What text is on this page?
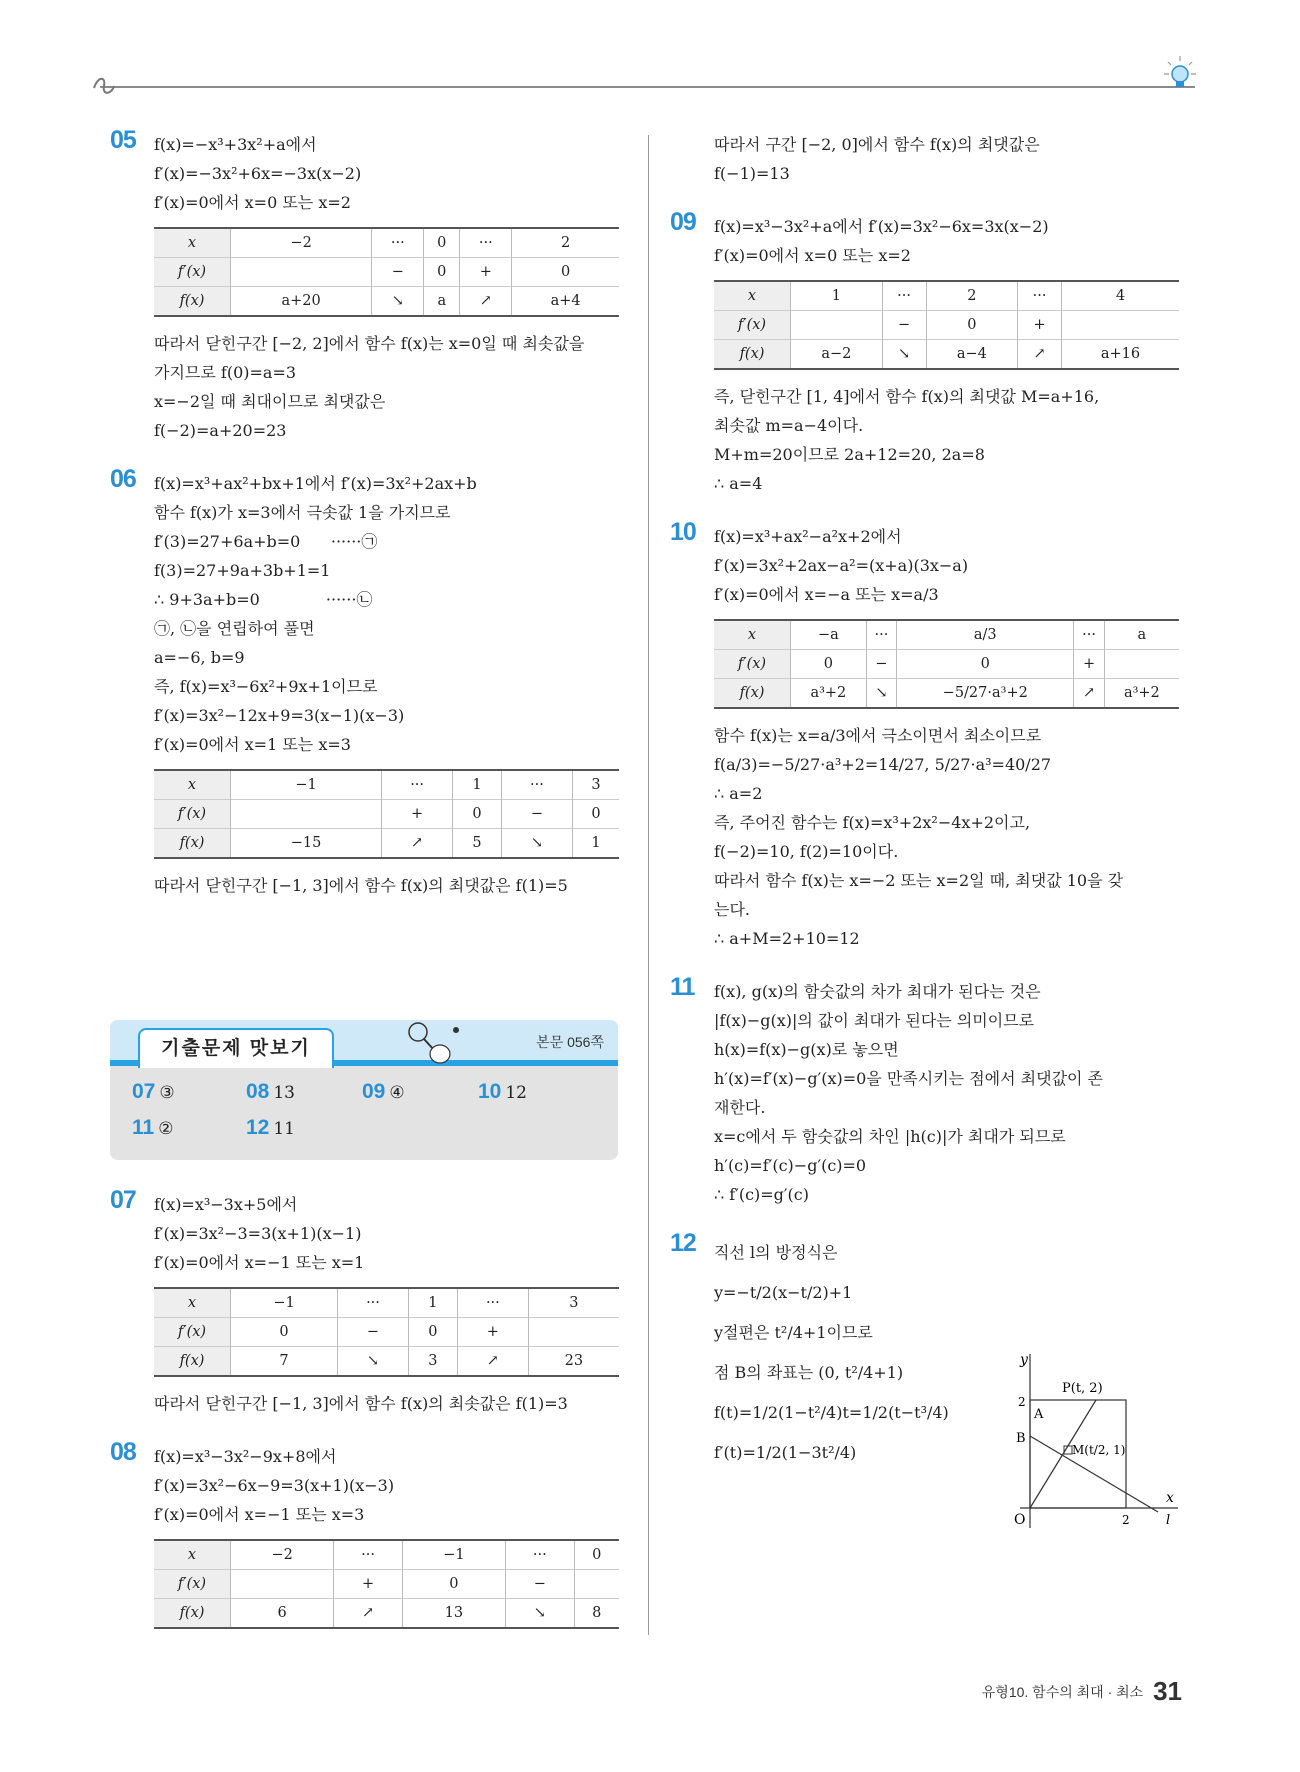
05 f(x)=−x³+3x²+a에서
f′(x)=−3x²+6x=−3x(x−2)
f′(x)=0에서 x=0 또는 x=2
x	−2	···	0	···	2
f′(x)		−	0	+	0
f(x)	a+20	↘	a	↗	a+4
따라서 닫힌구간 [−2, 2]에서 함수 f(x)는 x=0일 때 최솟값을
가지므로 f(0)=a=3
x=−2일 때 최대이므로 최댓값은
f(−2)=a+20=23
06 f(x)=x³+ax²+bx+1에서 f′(x)=3x²+2ax+b
함수 f(x)가 x=3에서 극솟값 1을 가지므로
f′(3)=27+6a+b=0      ······㉠
f(3)=27+9a+3b+1=1
∴ 9+3a+b=0             ······㉡
㉠, ㉡을 연립하여 풀면
a=−6, b=9
즉, f(x)=x³−6x²+9x+1이므로
f′(x)=3x²−12x+9=3(x−1)(x−3)
f′(x)=0에서 x=1 또는 x=3
x	−1	···	1	···	3
f′(x)		+	0	−	0
f(x)	−15	↗	5	↘	1
따라서 닫힌구간 [−1, 3]에서 함수 f(x)의 최댓값은 f(1)=5
기출문제 맛보기	본문 056쪽
07 ③	08 13	09 ④	10 12
11 ②	12 11
07 f(x)=x³−3x+5에서
f′(x)=3x²−3=3(x+1)(x−1)
f′(x)=0에서 x=−1 또는 x=1
x	−1	···	1	···	3
f′(x)	0	−	0	+	
f(x)	7	↘	3	↗	23
따라서 닫힌구간 [−1, 3]에서 함수 f(x)의 최솟값은 f(1)=3
08 f(x)=x³−3x²−9x+8에서
f′(x)=3x²−6x−9=3(x+1)(x−3)
f′(x)=0에서 x=−1 또는 x=3
x	−2	···	−1	···	0
f′(x)		+	0	−	
f(x)	6	↗	13	↘	8
따라서 구간 [−2, 0]에서 함수 f(x)의 최댓값은
f(−1)=13
09 f(x)=x³−3x²+a에서 f′(x)=3x²−6x=3x(x−2)
f′(x)=0에서 x=0 또는 x=2
x	1	···	2	···	4
f′(x)		−	0	+	
f(x)	a−2	↘	a−4	↗	a+16
즉, 닫힌구간 [1, 4]에서 함수 f(x)의 최댓값 M=a+16,
최솟값 m=a−4이다.
M+m=20이므로 2a+12=20, 2a=8
∴ a=4
10 f(x)=x³+ax²−a²x+2에서
f′(x)=3x²+2ax−a²=(x+a)(3x−a)
f′(x)=0에서 x=−a 또는 x=a/3
x	−a	···	a/3	···	a
f′(x)	0	−	0	+	
f(x)	a³+2	↘	−5/27·a³+2	↗	a³+2
함수 f(x)는 x=a/3에서 극소이면서 최소이므로
f(a/3)=−5/27·a³+2=14/27, 5/27·a³=40/27
∴ a=2
즉, 주어진 함수는 f(x)=x³+2x²−4x+2이고,
f(−2)=10, f(2)=10이다.
따라서 함수 f(x)는 x=−2 또는 x=2일 때, 최댓값 10을 갖
는다.
∴ a+M=2+10=12
11 f(x), g(x)의 함숫값의 차가 최대가 된다는 것은
|f(x)−g(x)|의 값이 최대가 된다는 의미이므로
h(x)=f(x)−g(x)로 놓으면
h′(x)=f′(x)−g′(x)=0을 만족시키는 점에서 최댓값이 존
재한다.
x=c에서 두 함숫값의 차인 |h(c)|가 최대가 되므로
h′(c)=f′(c)−g′(c)=0
∴ f′(c)=g′(c)
12 직선 l의 방정식은
y=−t/2(x−t/2)+1
y절편은 t²/4+1이므로
점 B의 좌표는 (0, t²/4+1)
f(t)=1/2(1−t²/4)t=1/2(t−t³/4)
f′(t)=1/2(1−3t²/4)
y
x
O	2
2
A
B
P(t, 2)
M(t/2, 1)
l
유형10. 함수의 최대 · 최소 31
